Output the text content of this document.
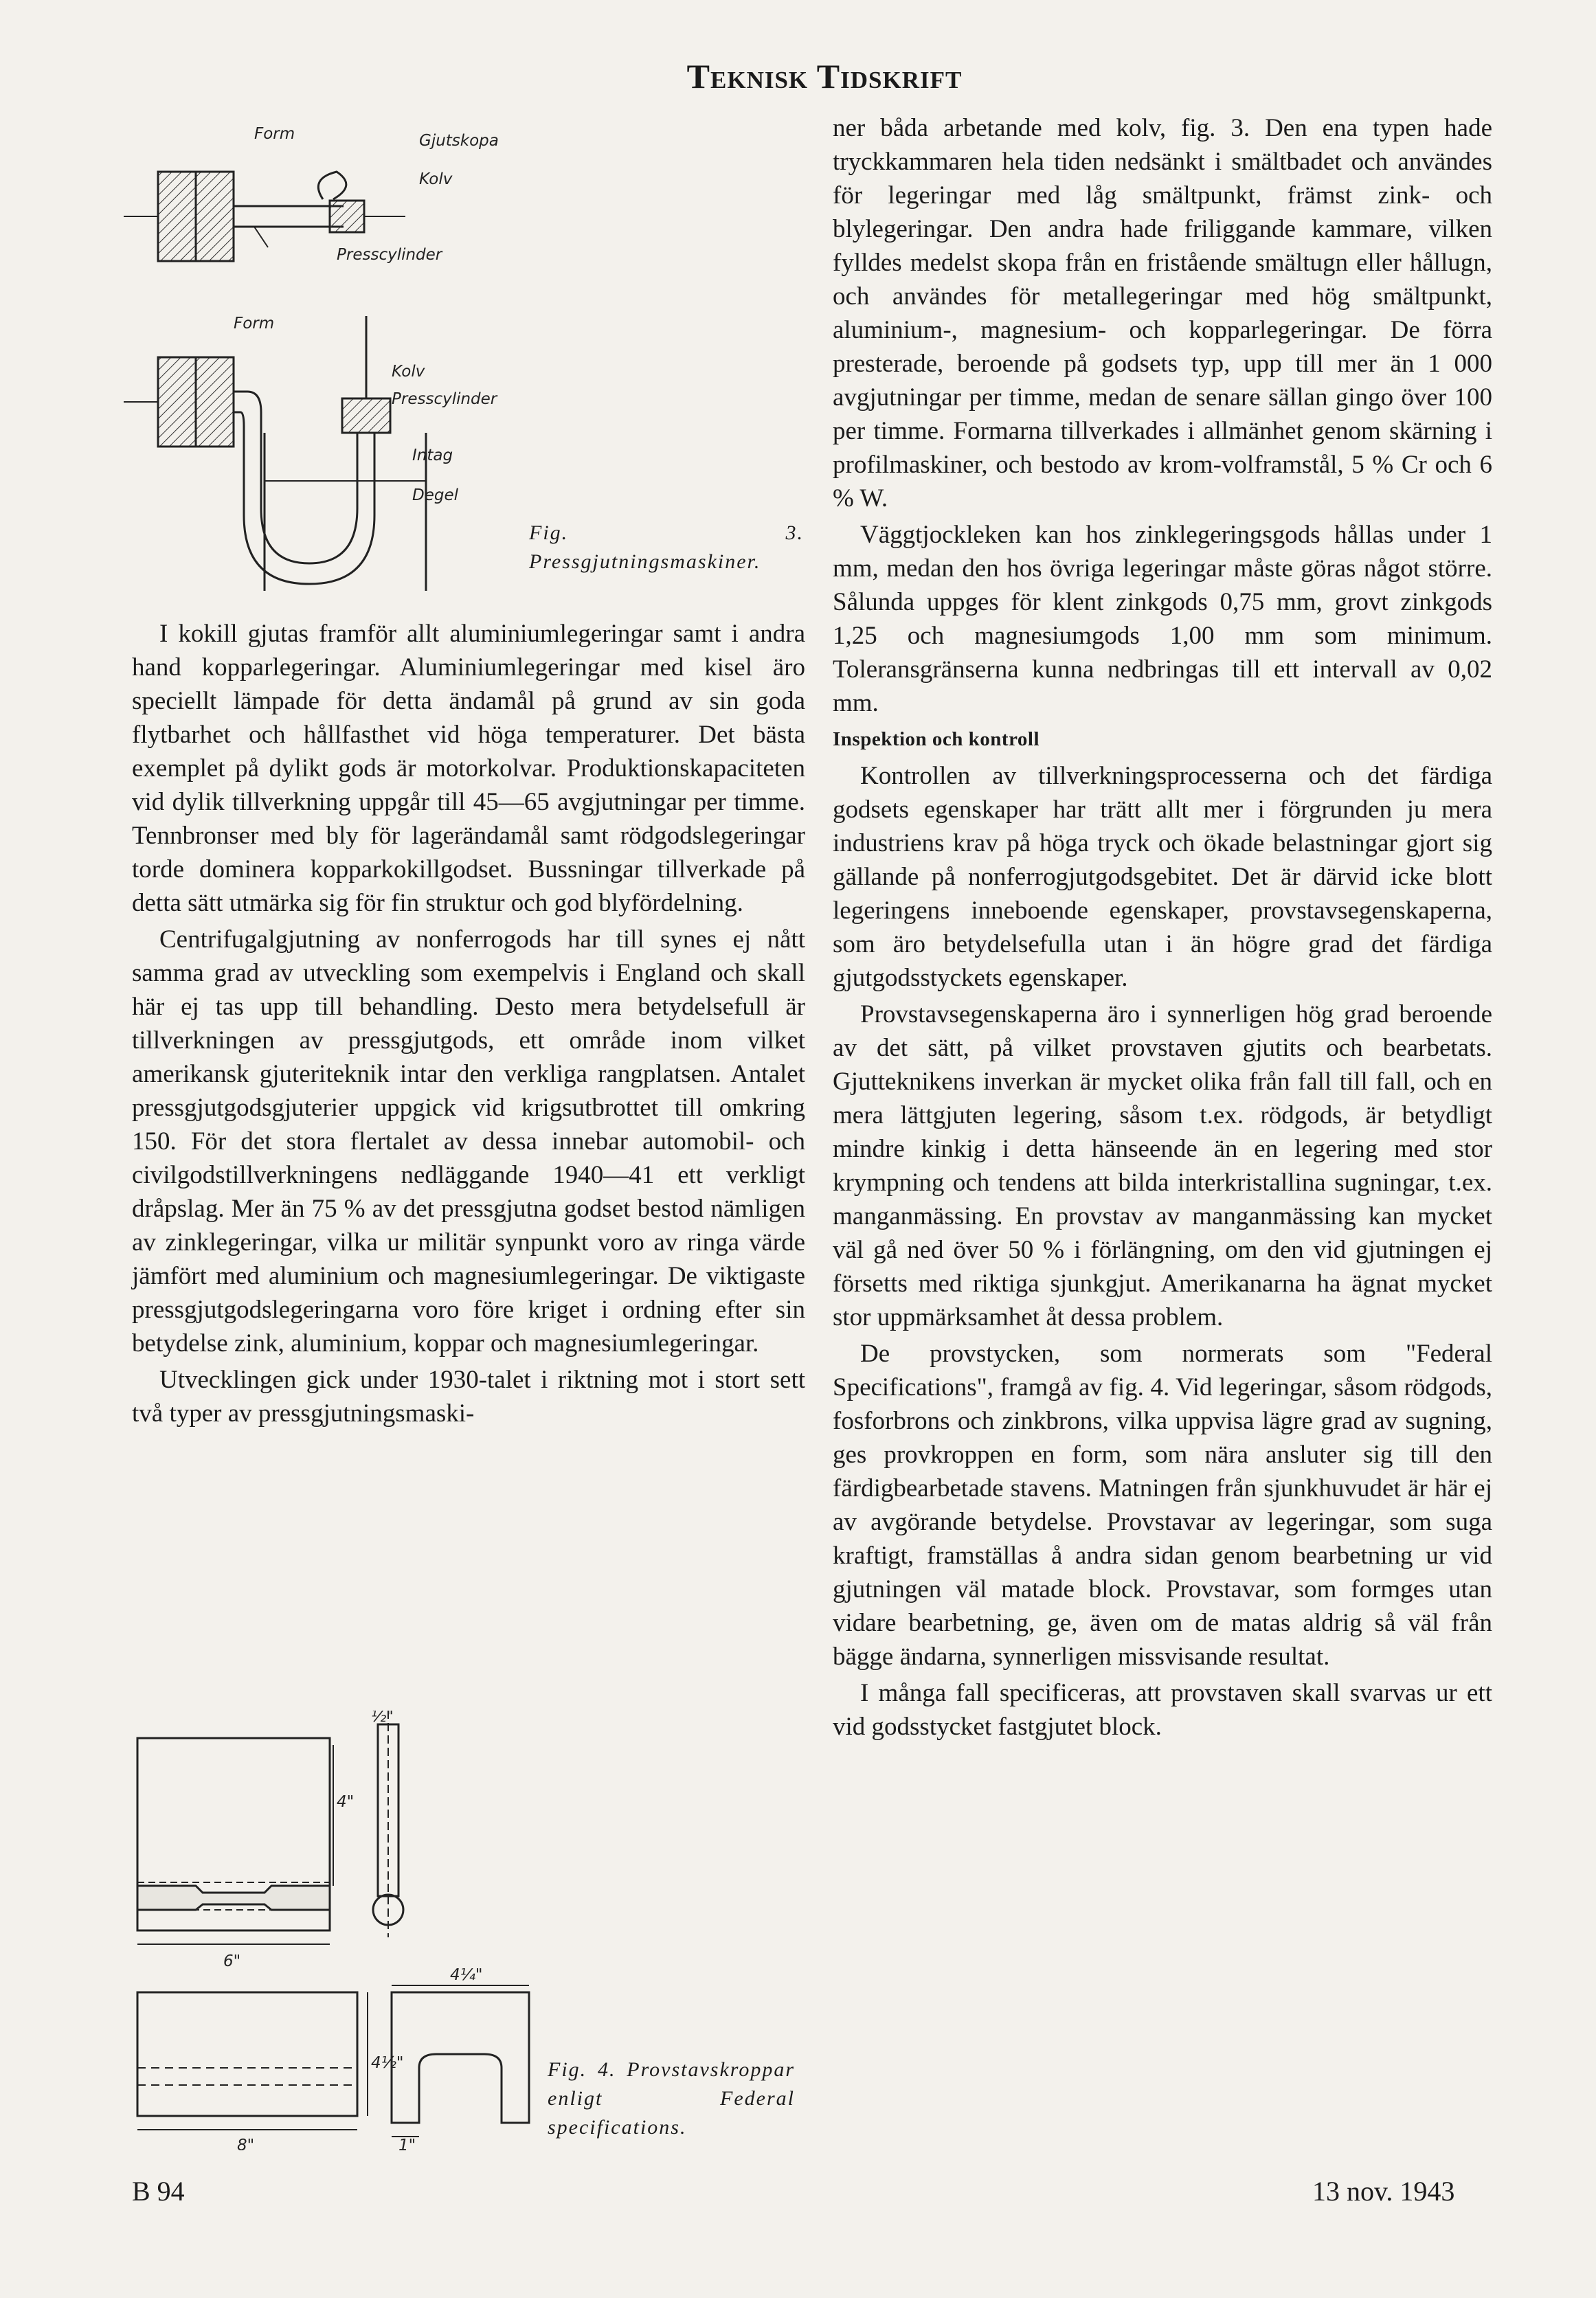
Teknisk Tidskrift
Form	Gjutskopa
Kolv
Presscylinder
Form
Kolv
Presscylinder
Intag
Degel
Fig. 3. Pressgjutningsmaskiner.

I kokill gjutas framför allt aluminiumlegeringar samt i andra hand kopparlegeringar. Aluminiumlegeringar med kisel äro speciellt lämpade för detta ändamål på grund av sin goda flytbarhet och hållfasthet vid höga temperaturer. Det bästa exemplet på dylikt gods är motorkolvar. Produktionskapaciteten vid dylik tillverkning uppgår till 45—65 avgjutningar per timme. Tennbronser med bly för lagerändamål samt rödgodslegeringar torde dominera kopparkokillgodset. Bussningar tillverkade på detta sätt utmärka sig för fin struktur och god blyfördelning.

Centrifugalgjutning av nonferrogods har till synes ej nått samma grad av utveckling som exempelvis i England och skall här ej tas upp till behandling. Desto mera betydelsefull är tillverkningen av pressgjutgods, ett område inom vilket amerikansk gjuteriteknik intar den verkliga rangplatsen. Antalet pressgjutgodsgjuterier uppgick vid krigsutbrottet till omkring 150. För det stora flertalet av dessa innebar automobil- och civilgodstillverkningens nedläggande 1940—41 ett verkligt dråpslag. Mer än 75 % av det pressgjutna godset bestod nämligen av zinklegeringar, vilka ur militär synpunkt voro av ringa värde jämfört med aluminium och magnesiumlegeringar. De viktigaste pressgjutgodslegeringarna voro före kriget i ordning efter sin betydelse zink, aluminium, koppar och magnesiumlegeringar.

Utvecklingen gick under 1930-talet i riktning mot i stort sett två typer av pressgjutningsmaski-

6"
4"
½"
8"
4½"
4¼"
1"
Fig. 4. Provstavskroppar enligt Federal specifications.

ner båda arbetande med kolv, fig. 3. Den ena typen hade tryckkammaren hela tiden nedsänkt i smältbadet och användes för legeringar med låg smältpunkt, främst zink- och blylegeringar. Den andra hade friliggande kammare, vilken fylldes medelst skopa från en fristående smältugn eller hållugn, och användes för metallegeringar med hög smältpunkt, aluminium-, magnesium- och kopparlegeringar. De förra presterade, beroende på godsets typ, upp till mer än 1 000 avgjutningar per timme, medan de senare sällan gingo över 100 per timme. Formarna tillverkades i allmänhet genom skärning i profilmaskiner, och bestodo av krom-volframstål, 5 % Cr och 6 % W.

Väggtjockleken kan hos zinklegeringsgods hållas under 1 mm, medan den hos övriga legeringar måste göras något större. Sålunda uppges för klent zinkgods 0,75 mm, grovt zinkgods 1,25 och magnesiumgods 1,00 mm som minimum. Toleransgränserna kunna nedbringas till ett intervall av 0,02 mm.

Inspektion och kontroll

Kontrollen av tillverkningsprocesserna och det färdiga godsets egenskaper har trätt allt mer i förgrunden ju mera industriens krav på höga tryck och ökade belastningar gjort sig gällande på nonferrogjutgodsgebitet. Det är därvid icke blott legeringens inneboende egenskaper, provstavsegenskaperna, som äro betydelsefulla utan i än högre grad det färdiga gjutgodsstyckets egenskaper.

Provstavsegenskaperna äro i synnerligen hög grad beroende av det sätt, på vilket provstaven gjutits och bearbetats. Gjutteknikens inverkan är mycket olika från fall till fall, och en mera lättgjuten legering, såsom t.ex. rödgods, är betydligt mindre kinkig i detta hänseende än en legering med stor krympning och tendens att bilda interkristallina sugningar, t.ex. manganmässing. En provstav av manganmässing kan mycket väl gå ned över 50 % i förlängning, om den vid gjutningen ej försetts med riktiga sjunkgjut. Amerikanarna ha ägnat mycket stor uppmärksamhet åt dessa problem.

De provstycken, som normerats som "Federal Specifications", framgå av fig. 4. Vid legeringar, såsom rödgods, fosforbrons och zinkbrons, vilka uppvisa lägre grad av sugning, ges provkroppen en form, som nära ansluter sig till den färdigbearbetade stavens. Matningen från sjunkhuvudet är här ej av avgörande betydelse. Provstavar av legeringar, som suga kraftigt, framställas å andra sidan genom bearbetning ur vid gjutningen väl matade block. Provstavar, som formges utan vidare bearbetning, ge, även om de matas aldrig så väl från bägge ändarna, synnerligen missvisande resultat.

I många fall specificeras, att provstaven skall svarvas ur ett vid godsstycket fastgjutet block.

B 94	13 nov. 1943
